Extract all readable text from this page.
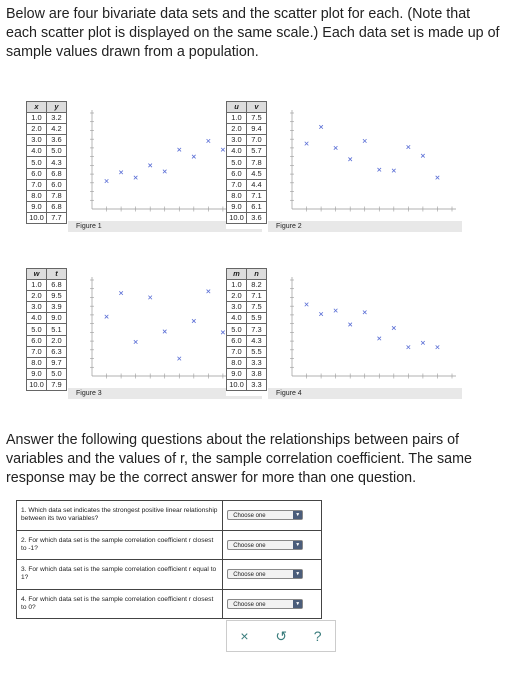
Below are four bivariate data sets and the scatter plot for each. (Note that each scatter plot is displayed on the same scale.) Each data set is made up of sample values drawn from a population.
x	y
1.0	3.2
2.0	4.2
3.0	3.6
4.0	5.0
5.0	4.3
6.0	6.8
7.0	6.0
8.0	7.8
9.0	6.8
10.0	7.7
Figure 1
u	v
1.0	7.5
2.0	9.4
3.0	7.0
4.0	5.7
5.0	7.8
6.0	4.5
7.0	4.4
8.0	7.1
9.0	6.1
10.0	3.6
Figure 2
w	t
1.0	6.8
2.0	9.5
3.0	3.9
4.0	9.0
5.0	5.1
6.0	2.0
7.0	6.3
8.0	9.7
9.0	5.0
10.0	7.9
Figure 3
m	n
1.0	8.2
2.0	7.1
3.0	7.5
4.0	5.9
5.0	7.3
6.0	4.3
7.0	5.5
8.0	3.3
9.0	3.8
10.0	3.3
Figure 4
Answer the following questions about the relationships between pairs of variables and the values of r, the sample correlation coefficient. The same response may be the correct answer for more than one question.
1. Which data set indicates the strongest positive linear relationship between its two variables?	Choose one ▼

2. For which data set is the sample correlation coefficient r closest to -1?	Choose one ▼

3. For which data set is the sample correlation coefficient r equal to 1?	Choose one ▼

4. For which data set is the sample correlation coefficient r closest to 0?	Choose one ▼
× ↺ ?
